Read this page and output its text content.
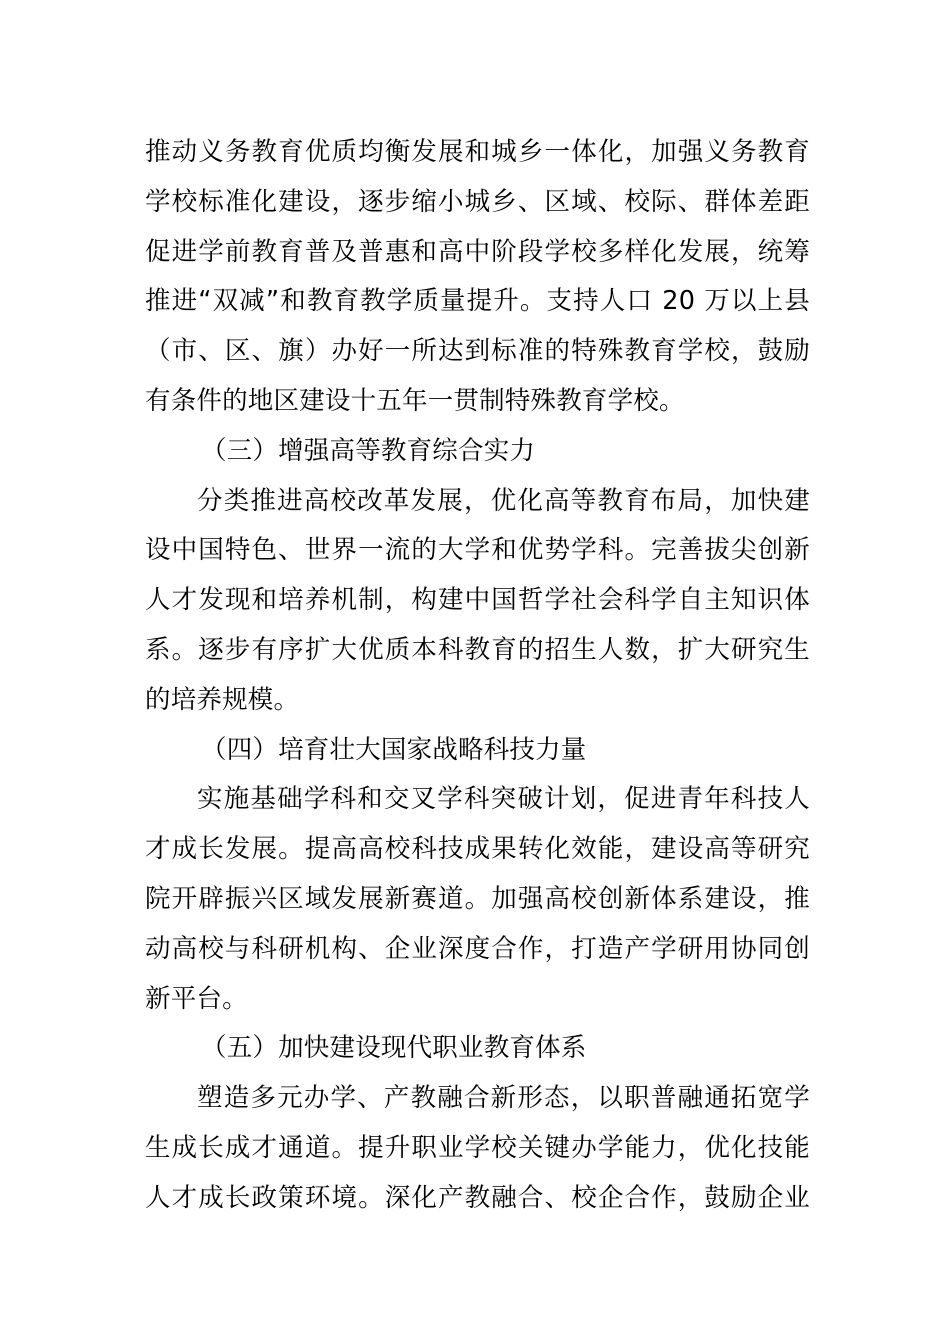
推动义务教育优质均衡发展和城乡一体化，加强义务教育
学校标准化建设，逐步缩小城乡、区域、校际、群体差距
促进学前教育普及普惠和高中阶段学校多样化发展，统筹
推进“双减”和教育教学质量提升。支持人口 20 万以上县
（市、区、旗）办好一所达到标准的特殊教育学校，鼓励
有条件的地区建设十五年一贯制特殊教育学校。
（三）增强高等教育综合实力
分类推进高校改革发展，优化高等教育布局，加快建
设中国特色、世界一流的大学和优势学科。完善拔尖创新
人才发现和培养机制，构建中国哲学社会科学自主知识体
系。逐步有序扩大优质本科教育的招生人数，扩大研究生
的培养规模。
（四）培育壮大国家战略科技力量
实施基础学科和交叉学科突破计划，促进青年科技人
才成长发展。提高高校科技成果转化效能，建设高等研究
院开辟振兴区域发展新赛道。加强高校创新体系建设，推
动高校与科研机构、企业深度合作，打造产学研用协同创
新平台。
（五）加快建设现代职业教育体系
塑造多元办学、产教融合新形态，以职普融通拓宽学
生成长成才通道。提升职业学校关键办学能力，优化技能
人才成长政策环境。深化产教融合、校企合作，鼓励企业
